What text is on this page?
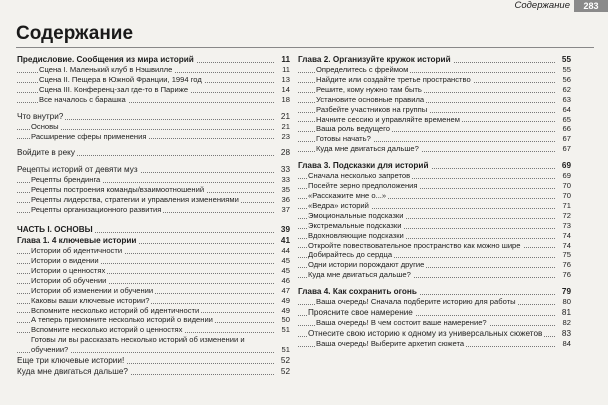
Содержание	283
Содержание
Предисловие. Сообщения из мира историй	11
Сцена I. Маленький клуб в Нэшвилле	11
Сцена II. Пещера в Южной Франции, 1994 год	13
Сцена III. Конференц-зал где-то в Париже	14
Все началось с барашка	18
Что внутри?	21
Основы	21
Расширение сферы применения	23
Войдите в реку	28
Рецепты историй от девяти муз	33
Рецепты брендинга	33
Рецепты построения команды/взаимоотношений	35
Рецепты лидерства, стратегии и управления изменениями	36
Рецепты организационного развития	37
ЧАСТЬ I. ОСНОВЫ	39
Глава 1. 4 ключевые истории	41
Истории об идентичности	44
Истории о видении	45
Истории о ценностях	45
Истории об обучении	46
Истории об изменении и обучении	47
Каковы ваши ключевые истории?	49
Вспомните несколько историй об идентичности	49
А теперь припомните несколько историй о видении	50
Вспомните несколько историй о ценностях	51
Готовы ли вы рассказать несколько историй об изменении и обучении?	51
Еще три ключевые истории!	52
Куда мне двигаться дальше?	52
Глава 2. Организуйте кружок историй	55
Определитесь с фреймом	55
Найдите или создайте третье пространство	56
Решите, кому нужно там быть	62
Установите основные правила	63
Разбейте участников на группы	64
Начните сессию и управляйте временем	65
Ваша роль ведущего	66
Готовы начать?	67
Куда мне двигаться дальше?	67
Глава 3. Подсказки для историй	69
Сначала несколько запретов	69
Посейте зерно предположения	70
«Расскажите мне о...»	70
«Ведра» историй	71
Эмоциональные подсказки	72
Экстремальные подсказки	73
Вдохновляющие подсказки	74
Откройте повествовательное пространство как можно шире	74
Добирайтесь до сердца	75
Одни истории порождают другие	76
Куда мне двигаться дальше?	76
Глава 4. Как сохранить огонь	79
Ваша очередь! Сначала подберите историю для работы	80
Проясните свое намерение	81
Ваша очередь! В чем состоит ваше намерение?	82
Отнесите свою историю к одному из универсальных сюжетов 83
Ваша очередь! Выберите архетип сюжета	84
